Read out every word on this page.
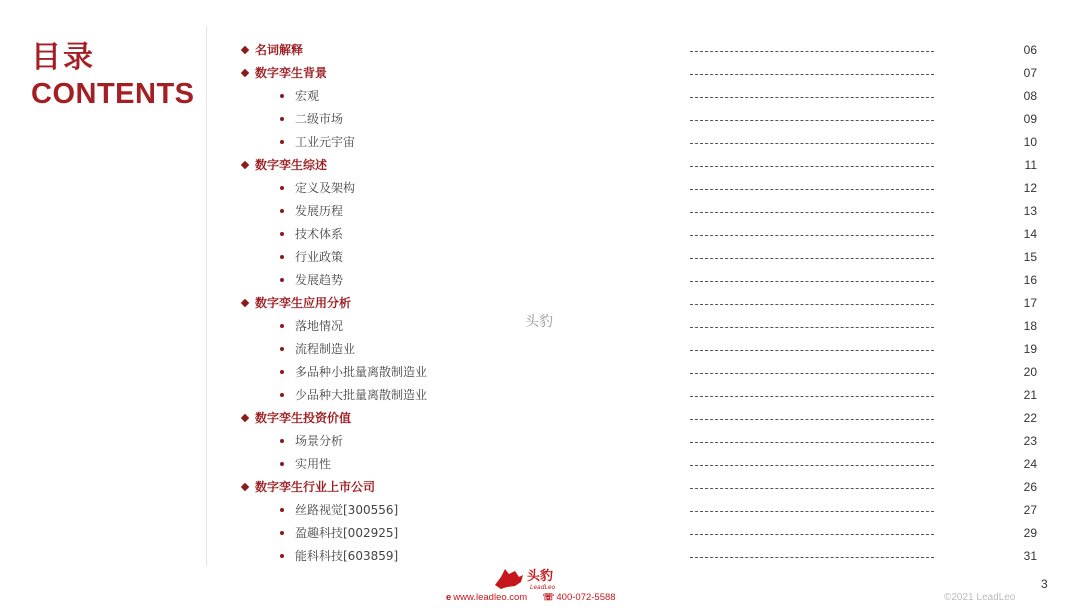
目录
CONTENTS
名词解释	06
数字孪生背景	07
宏观	08
二级市场	09
工业元宇宙	10
数字孪生综述	11
定义及架构	12
发展历程	13
技术体系	14
行业政策	15
发展趋势	16
数字孪生应用分析	17
落地情况	18
流程制造业	19
多品种小批量离散制造业	20
少品种大批量离散制造业	21
数字孪生投资价值	22
场景分析	23
实用性	24
数字孪生行业上市公司	26
丝路视觉[300556]	27
盈趣科技[002925]	29
能科科技[603859]	31
头豹
头豹
LeadLeo
e www.leadleo.com ☏ 400-072-5588	©2021 LeadLeo
3
